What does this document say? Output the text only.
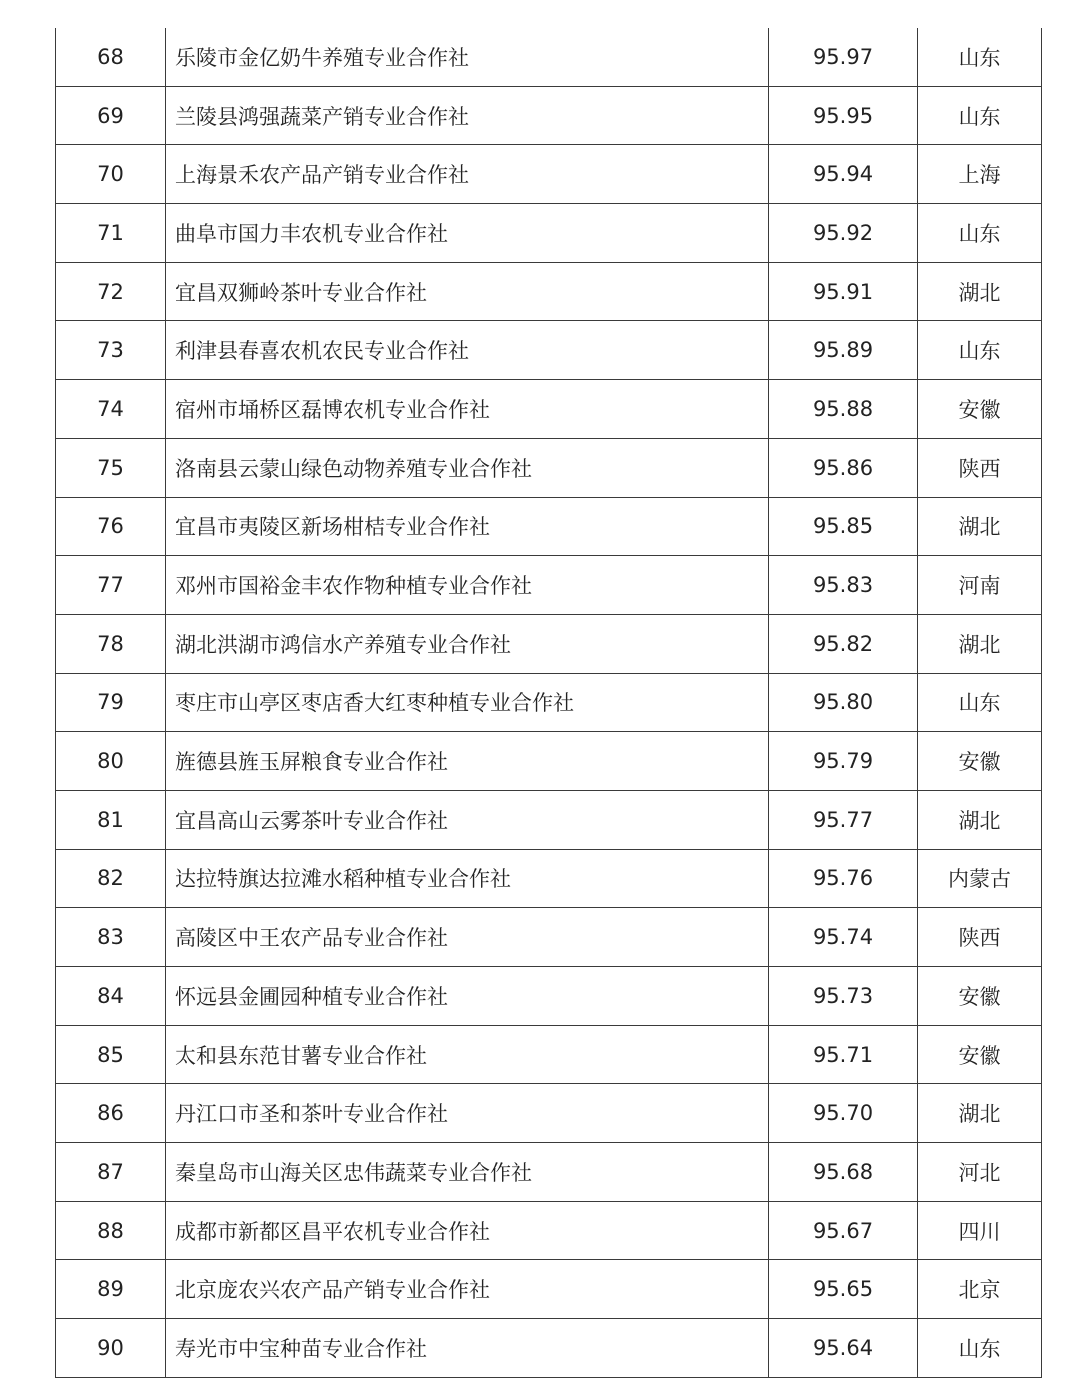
68	乐陵市金亿奶牛养殖专业合作社	95.97	山东
69	兰陵县鸿强蔬菜产销专业合作社	95.95	山东
70	上海景禾农产品产销专业合作社	95.94	上海
71	曲阜市国力丰农机专业合作社	95.92	山东
72	宜昌双狮岭茶叶专业合作社	95.91	湖北
73	利津县春喜农机农民专业合作社	95.89	山东
74	宿州市埇桥区磊博农机专业合作社	95.88	安徽
75	洛南县云蒙山绿色动物养殖专业合作社	95.86	陕西
76	宜昌市夷陵区新场柑桔专业合作社	95.85	湖北
77	邓州市国裕金丰农作物种植专业合作社	95.83	河南
78	湖北洪湖市鸿信水产养殖专业合作社	95.82	湖北
79	枣庄市山亭区枣店香大红枣种植专业合作社	95.80	山东
80	旌德县旌玉屏粮食专业合作社	95.79	安徽
81	宜昌高山云雾茶叶专业合作社	95.77	湖北
82	达拉特旗达拉滩水稻种植专业合作社	95.76	内蒙古
83	高陵区中王农产品专业合作社	95.74	陕西
84	怀远县金圃园种植专业合作社	95.73	安徽
85	太和县东范甘薯专业合作社	95.71	安徽
86	丹江口市圣和茶叶专业合作社	95.70	湖北
87	秦皇岛市山海关区忠伟蔬菜专业合作社	95.68	河北
88	成都市新都区昌平农机专业合作社	95.67	四川
89	北京庞农兴农产品产销专业合作社	95.65	北京
90	寿光市中宝种苗专业合作社	95.64	山东
